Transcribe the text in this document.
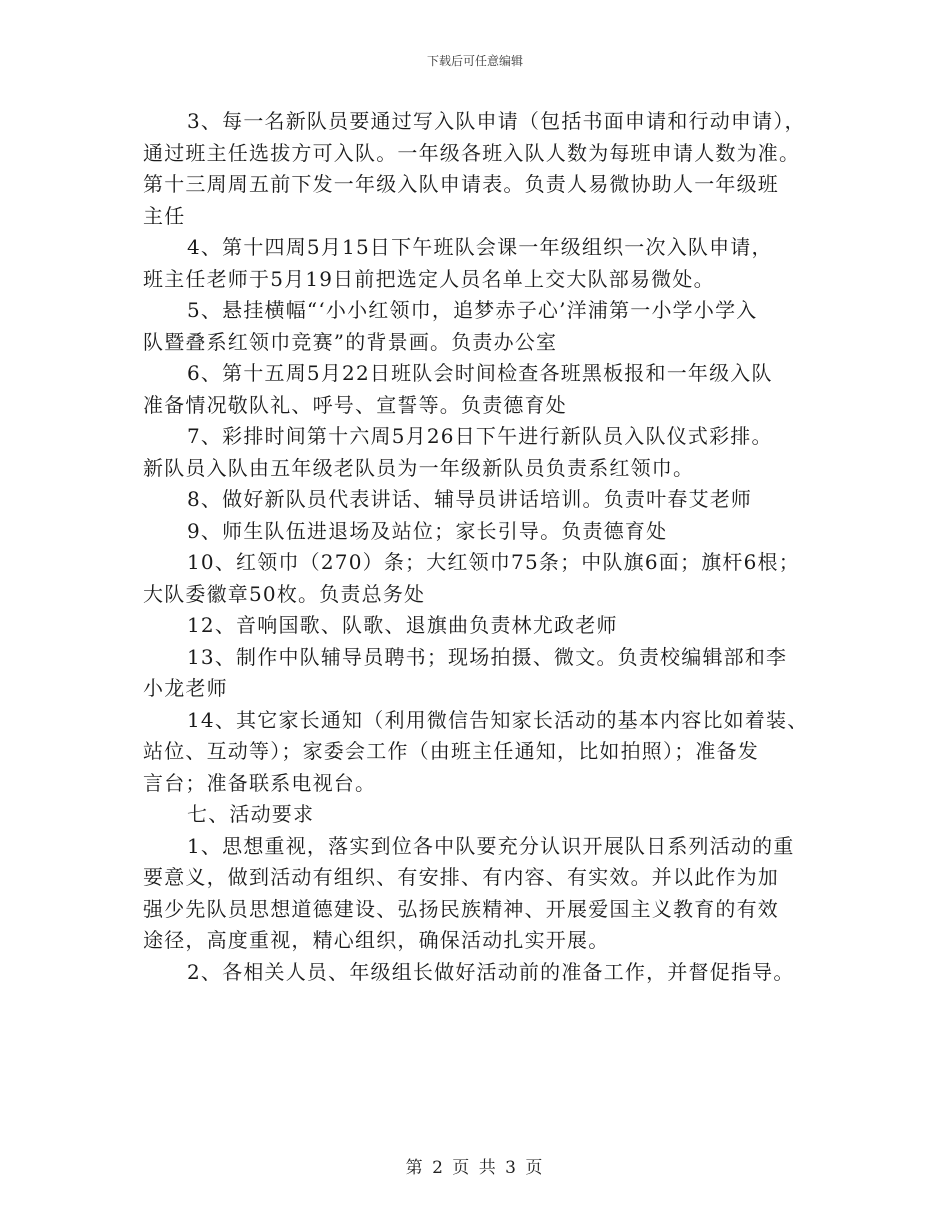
下载后可任意编辑

3、每一名新队员要通过写入队申请（包括书面申请和行动申请），
通过班主任选拔方可入队。一年级各班入队人数为每班申请人数为准。
第十三周周五前下发一年级入队申请表。负责人易微协助人一年级班
主任

4、第十四周5月15日下午班队会课一年级组织一次入队申请，
班主任老师于5月19日前把选定人员名单上交大队部易微处。

5、悬挂横幅“‘小小红领巾，追梦赤子心’洋浦第一小学小学入
队暨叠系红领巾竞赛”的背景画。负责办公室

6、第十五周5月22日班队会时间检查各班黑板报和一年级入队
准备情况敬队礼、呼号、宣誓等。负责德育处

7、彩排时间第十六周5月26日下午进行新队员入队仪式彩排。
新队员入队由五年级老队员为一年级新队员负责系红领巾。

8、做好新队员代表讲话、辅导员讲话培训。负责叶春艾老师

9、师生队伍进退场及站位；家长引导。负责德育处

10、红领巾（270）条；大红领巾75条；中队旗6面；旗杆6根；
大队委徽章50枚。负责总务处

12、音响国歌、队歌、退旗曲负责林尤政老师

13、制作中队辅导员聘书；现场拍摄、微文。负责校编辑部和李
小龙老师

14、其它家长通知（利用微信告知家长活动的基本内容比如着装、
站位、互动等）；家委会工作（由班主任通知，比如拍照）；准备发
言台；准备联系电视台。

七、活动要求

1、思想重视，落实到位各中队要充分认识开展队日系列活动的重
要意义，做到活动有组织、有安排、有内容、有实效。并以此作为加
强少先队员思想道德建设、弘扬民族精神、开展爱国主义教育的有效
途径，高度重视，精心组织，确保活动扎实开展。

2、各相关人员、年级组长做好活动前的准备工作，并督促指导。

第 2 页 共 3 页
